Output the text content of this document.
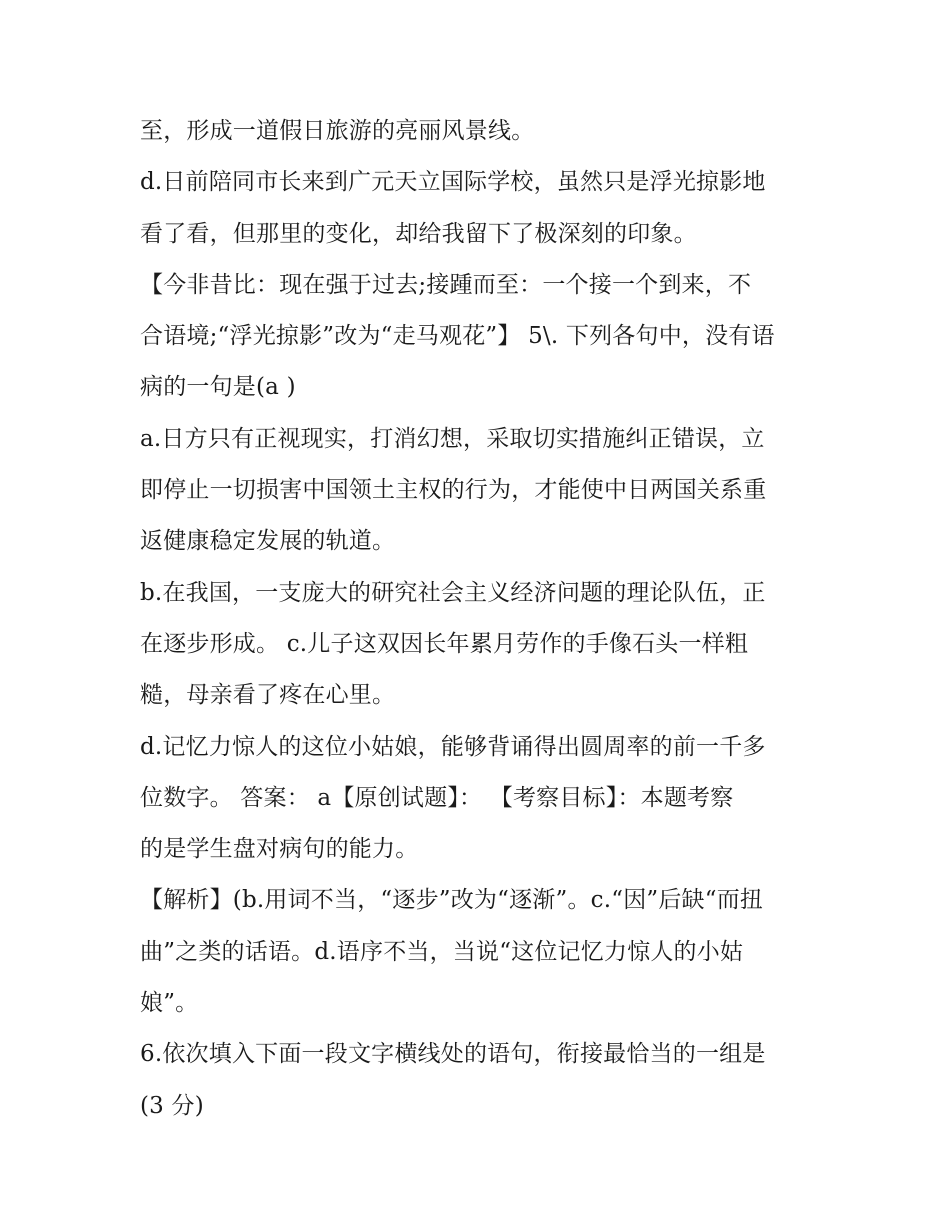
至，形成一道假日旅游的亮丽风景线。
d.日前陪同市长来到广元天立国际学校，虽然只是浮光掠影地
看了看，但那里的变化，却给我留下了极深刻的印象。
【今非昔比：现在强于过去;接踵而至：一个接一个到来，不
合语境;“浮光掠影”改为“走马观花”】 5\. 下列各句中，没有语
病的一句是(a )
a.日方只有正视现实，打消幻想，采取切实措施纠正错误，立
即停止一切损害中国领土主权的行为，才能使中日两国关系重
返健康稳定发展的轨道。
b.在我国，一支庞大的研究社会主义经济问题的理论队伍，正
在逐步形成。 c.儿子这双因长年累月劳作的手像石头一样粗
糙，母亲看了疼在心里。
d.记忆力惊人的这位小姑娘，能够背诵得出圆周率的前一千多
位数字。 答案： a【原创试题】： 【考察目标】：本题考察
的是学生盘对病句的能力。
【解析】(b.用词不当，“逐步”改为“逐渐”。c.“因”后缺“而扭
曲”之类的话语。d.语序不当，当说“这位记忆力惊人的小姑
娘”。
6.依次填入下面一段文字横线处的语句，衔接最恰当的一组是
(3 分)
